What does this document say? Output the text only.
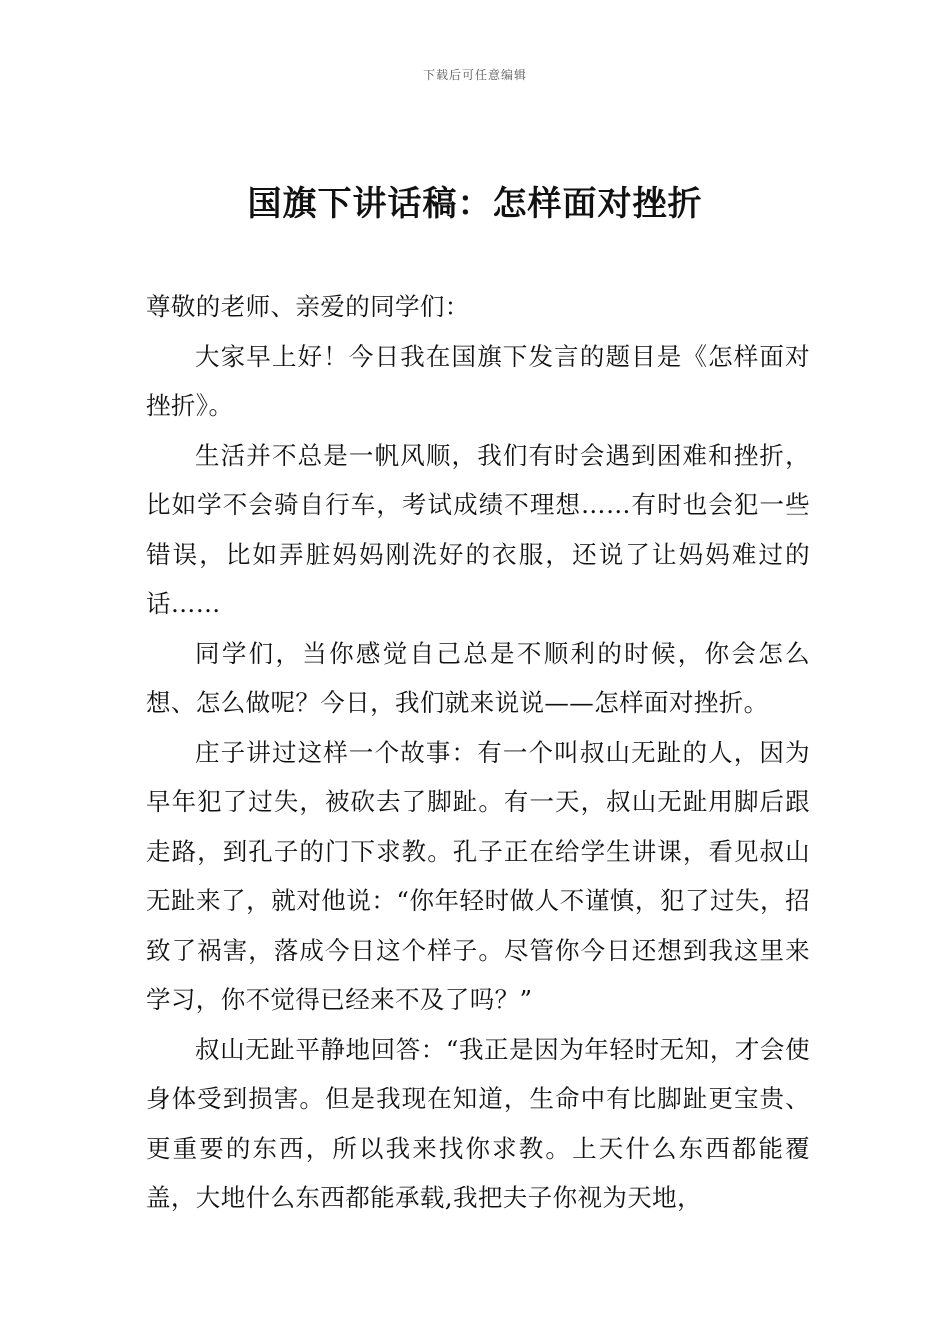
下载后可任意编辑
国旗下讲话稿：怎样面对挫折

尊敬的老师、亲爱的同学们：

大家早上好！今日我在国旗下发言的题目是《怎样面对挫折》。

生活并不总是一帆风顺，我们有时会遇到困难和挫折，比如学不会骑自行车，考试成绩不理想……有时也会犯一些错误，比如弄脏妈妈刚洗好的衣服，还说了让妈妈难过的话……

同学们，当你感觉自己总是不顺利的时候，你会怎么想、怎么做呢？今日，我们就来说说——怎样面对挫折。

庄子讲过这样一个故事：有一个叫叔山无趾的人，因为早年犯了过失，被砍去了脚趾。有一天，叔山无趾用脚后跟走路，到孔子的门下求教。孔子正在给学生讲课，看见叔山无趾来了，就对他说：“你年轻时做人不谨慎，犯了过失，招致了祸害，落成今日这个样子。尽管你今日还想到我这里来学习，你不觉得已经来不及了吗？”

叔山无趾平静地回答：“我正是因为年轻时无知，才会使身体受到损害。但是我现在知道，生命中有比脚趾更宝贵、更重要的东西，所以我来找你求教。上天什么东西都能覆盖，大地什么东西都能承载,我把夫子你视为天地，
